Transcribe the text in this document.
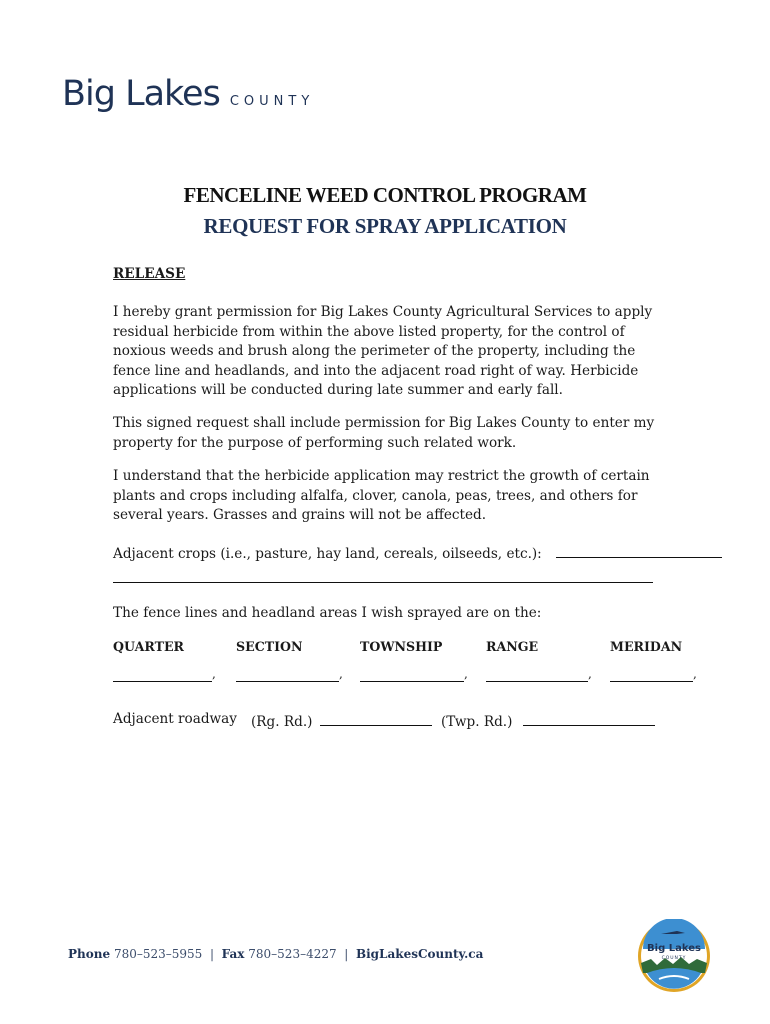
Big Lakes COUNTY
FENCELINE WEED CONTROL PROGRAM
REQUEST FOR SPRAY APPLICATION
RELEASE
I hereby grant permission for Big Lakes County Agricultural Services to apply residual herbicide from within the above listed property, for the control of noxious weeds and brush along the perimeter of the property, including the fence line and headlands, and into the adjacent road right of way. Herbicide applications will be conducted during late summer and early fall.
This signed request shall include permission for Big Lakes County to enter my property for the purpose of performing such related work.
I understand that the herbicide application may restrict the growth of certain plants and crops including alfalfa, clover, canola, peas, trees, and others for several years. Grasses and grains will not be affected.
Adjacent crops (i.e., pasture, hay land, cereals, oilseeds, etc.):
The fence lines and headland areas I wish sprayed are on the:
QUARTER	SECTION	TOWNSHIP	RANGE	MERIDAN
,	,	,	,	,
Adjacent roadway (Rg. Rd.)	(Twp. Rd.)
Phone 780–523–5955 | Fax 780–523–4227 | BigLakesCounty.ca	Big Lakes
COUNTY
